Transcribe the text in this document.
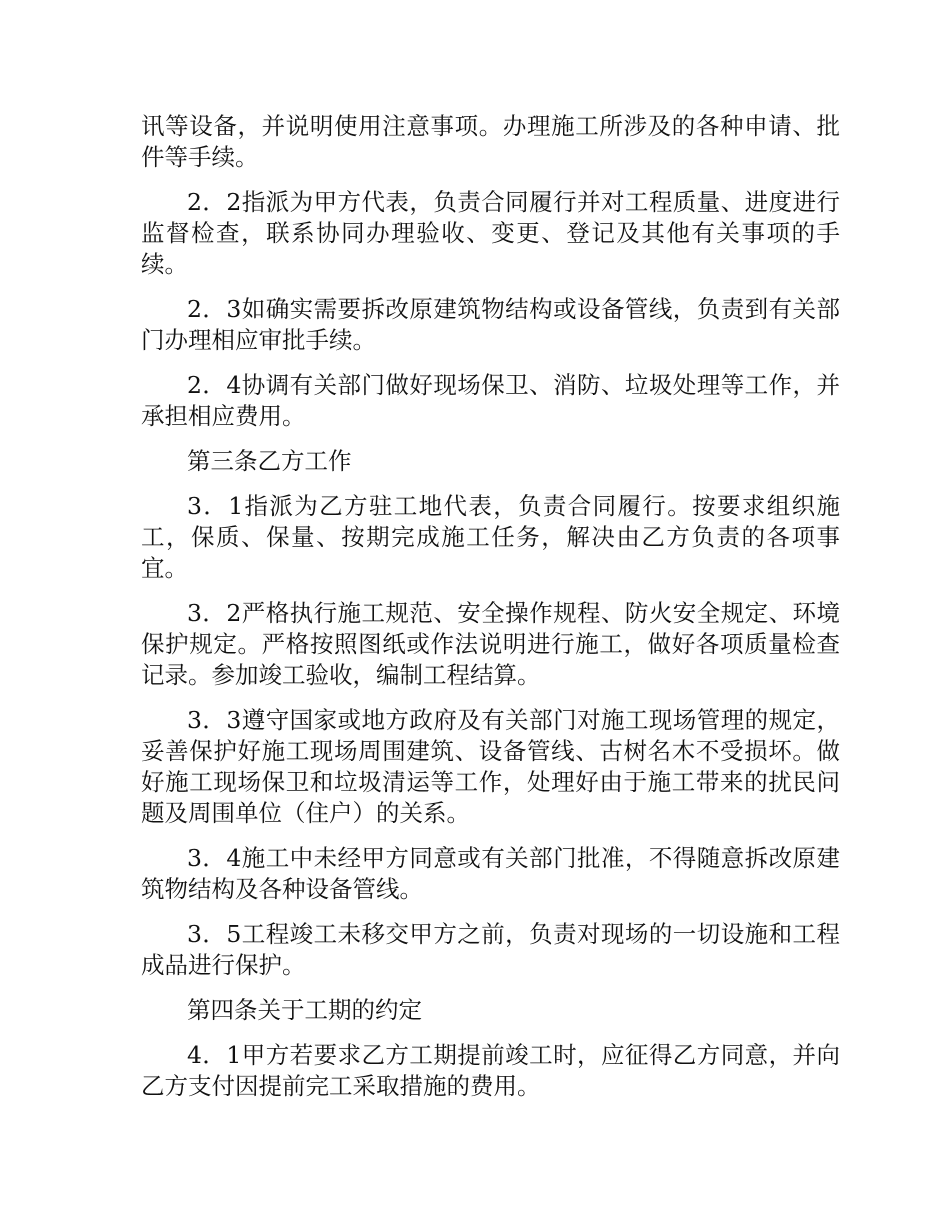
讯等设备，并说明使用注意事项。办理施工所涉及的各种申请、批件等手续。

2．2指派为甲方代表，负责合同履行并对工程质量、进度进行监督检查，联系协同办理验收、变更、登记及其他有关事项的手续。

2．3如确实需要拆改原建筑物结构或设备管线，负责到有关部门办理相应审批手续。

2．4协调有关部门做好现场保卫、消防、垃圾处理等工作，并承担相应费用。

第三条乙方工作

3．1指派为乙方驻工地代表，负责合同履行。按要求组织施工，保质、保量、按期完成施工任务，解决由乙方负责的各项事宜。

3．2严格执行施工规范、安全操作规程、防火安全规定、环境保护规定。严格按照图纸或作法说明进行施工，做好各项质量检查记录。参加竣工验收，编制工程结算。

3．3遵守国家或地方政府及有关部门对施工现场管理的规定，妥善保护好施工现场周围建筑、设备管线、古树名木不受损坏。做好施工现场保卫和垃圾清运等工作，处理好由于施工带来的扰民问题及周围单位（住户）的关系。

3．4施工中未经甲方同意或有关部门批准，不得随意拆改原建筑物结构及各种设备管线。

3．5工程竣工未移交甲方之前，负责对现场的一切设施和工程成品进行保护。

第四条关于工期的约定

4．1甲方若要求乙方工期提前竣工时，应征得乙方同意，并向乙方支付因提前完工采取措施的费用。
